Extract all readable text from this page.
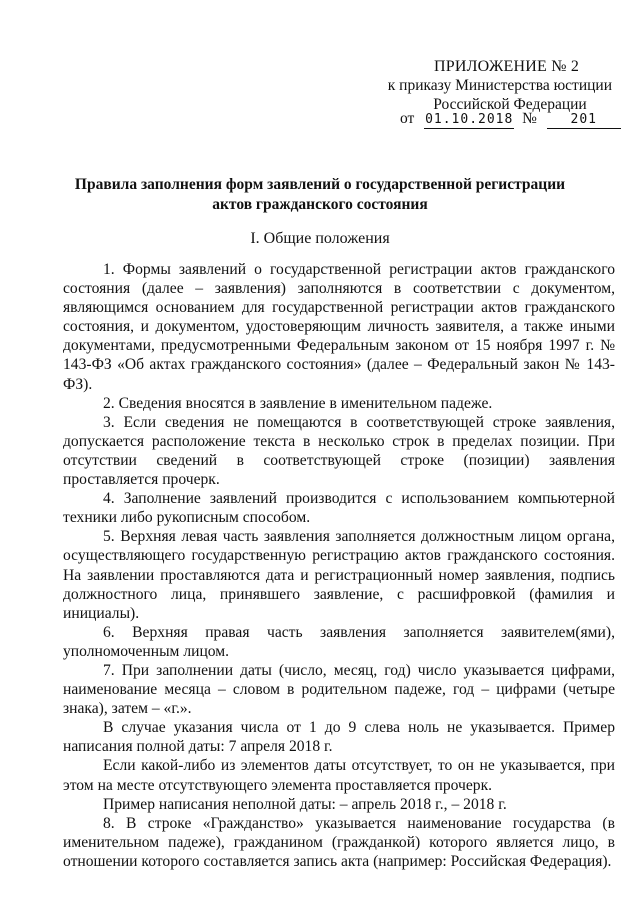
ПРИЛОЖЕНИЕ № 2
к приказу Министерства юстиции
Российской Федерации
от 01.10.2018 №	201
Правила заполнения форм заявлений о государственной регистрации
актов гражданского состояния
I. Общие положения

1. Формы заявлений о государственной регистрации актов гражданского состояния (далее – заявления) заполняются в соответствии с документом, являющимся основанием для государственной регистрации актов гражданского состояния, и документом, удостоверяющим личность заявителя, а также иными документами, предусмотренными Федеральным законом от 15 ноября 1997 г. № 143-ФЗ «Об актах гражданского состояния» (далее – Федеральный закон № 143-ФЗ).

2. Сведения вносятся в заявление в именительном падеже.

3. Если сведения не помещаются в соответствующей строке заявления, допускается расположение текста в несколько строк в пределах позиции. При отсутствии сведений в соответствующей строке (позиции) заявления проставляется прочерк.

4. Заполнение заявлений производится с использованием компьютерной техники либо рукописным способом.

5. Верхняя левая часть заявления заполняется должностным лицом органа, осуществляющего государственную регистрацию актов гражданского состояния. На заявлении проставляются дата и регистрационный номер заявления, подпись должностного лица, принявшего заявление, с расшифровкой (фамилия и инициалы).

6. Верхняя правая часть заявления заполняется заявителем(ями), уполномоченным лицом.

7. При заполнении даты (число, месяц, год) число указывается цифрами, наименование месяца – словом в родительном падеже, год – цифрами (четыре знака), затем – «г.».

В случае указания числа от 1 до 9 слева ноль не указывается. Пример написания полной даты: 7 апреля 2018 г.

Если какой-либо из элементов даты отсутствует, то он не указывается, при этом на месте отсутствующего элемента проставляется прочерк.

Пример написания неполной даты: – апрель 2018 г., – 2018 г.

8. В строке «Гражданство» указывается наименование государства (в именительном падеже), гражданином (гражданкой) которого является лицо, в отношении которого составляется запись акта (например: Российская Федерация).
